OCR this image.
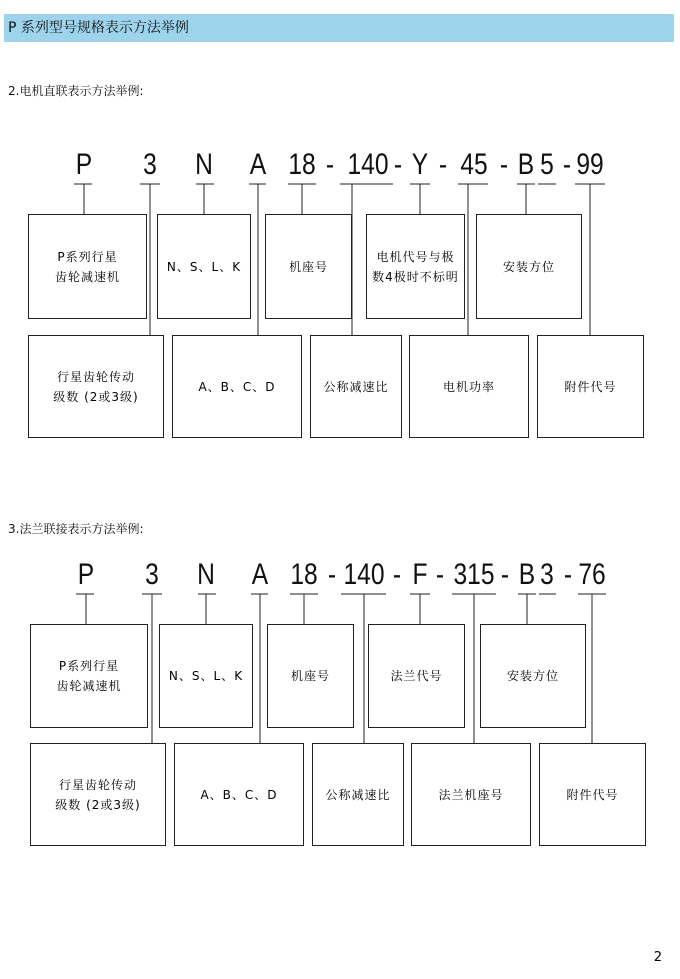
P 系列型号规格表示方法举例
2.电机直联表示方法举例:
P 3 N A 18 - 140 - Y - 45 - B 5 - 99
P系列行星
齿轮减速机
N、S、L、K	机座号
电机代号与极
数4极时不标明
安装方位
行星齿轮传动
级数 (2或3级)
A、B、C、D	公称减速比	电机功率	附件代号
3.法兰联接表示方法举例:
P 3 N A 18 - 140 - F - 315 - B 3 - 76
P系列行星
齿轮减速机
N、S、L、K	机座号	法兰代号	安装方位
行星齿轮传动
级数 (2或3级)
A、B、C、D	公称减速比	法兰机座号	附件代号
2
